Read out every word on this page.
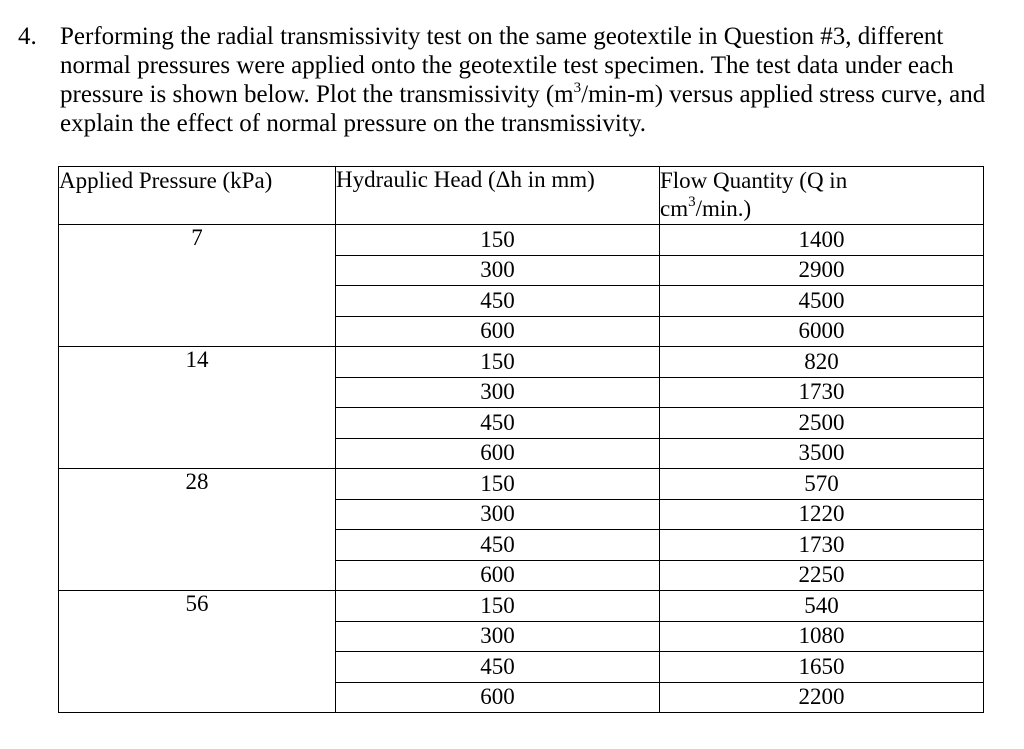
4. Performing the radial transmissivity test on the same geotextile in Question #3, different
normal pressures were applied onto the geotextile test specimen. The test data under each
pressure is shown below. Plot the transmissivity $(m^3/\min-m)$ versus applied stress curve, and
explain the effect of normal pressure on the transmissivity.
Applied Pressure (kPa)	Hydraulic Head (Δh in mm)	Flow Quantity (Q in
$cm^3/\min$.)
7	150	1400
	300	2900
	450	4500
	600	6000
14	150	820
	300	1730
	450	2500
	600	3500
28	150	570
	300	1220
	450	1730
	600	2250
56	150	540
	300	1080
	450	1650
	600	2200
